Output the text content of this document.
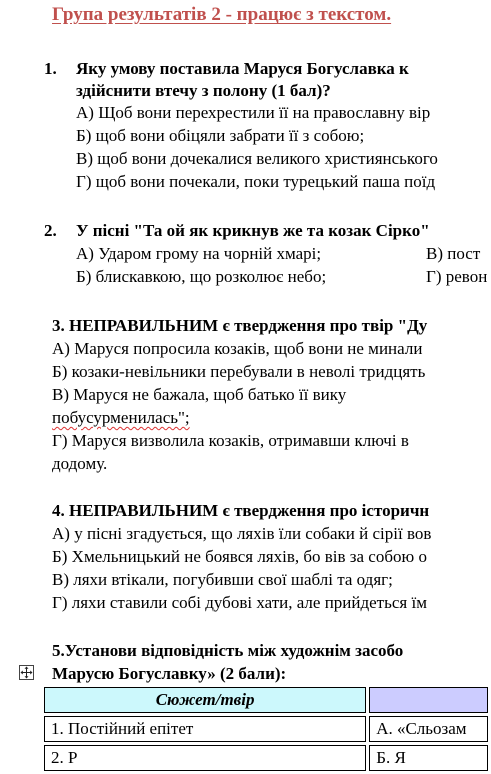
Група результатів 2 - працює з текстом.
1. Яку умову поставила Маруся Богуславка к
здійснити втечу з полону (1 бал)?
А) Щоб вони перехрестили її на православну вір
Б) щоб вони обіцяли забрати її з собою;
В) щоб вони дочекалися великого християнського
Г) щоб вони почекали, поки турецький паша поїд
2. У пісні "Та ой як крикнув же та козак Сірко"
А) Ударом грому на чорній хмарі;	В) пост
Б) блискавкою, що розколює небо;	Г) ревон
3. НЕПРАВИЛЬНИМ є твердження про твір "Ду
А) Маруся попросила козаків, щоб вони не минали
Б) козаки-невільники перебували в неволі тридцять
В) Маруся не бажала, щоб батько її вику
побусурменилась";
Г) Маруся визволила козаків, отримавши ключі в
додому.
4. НЕПРАВИЛЬНИМ є твердження про історичн
А) у пісні згадується, що ляхів їли собаки й сірії вов
Б) Хмельницький не боявся ляхів, бо вів за собою о
В) ляхи втікали, погубивши свої шаблі та одяг;
Г) ляхи ставили собі дубові хати, але прийдеться їм
5.Установи відповідність між художнім засобо
Марусю Богуславку» (2 бали):
Сюжет/твір	
1. Постійний епітет	А. «Сльозам
2. Р	Б. Я
